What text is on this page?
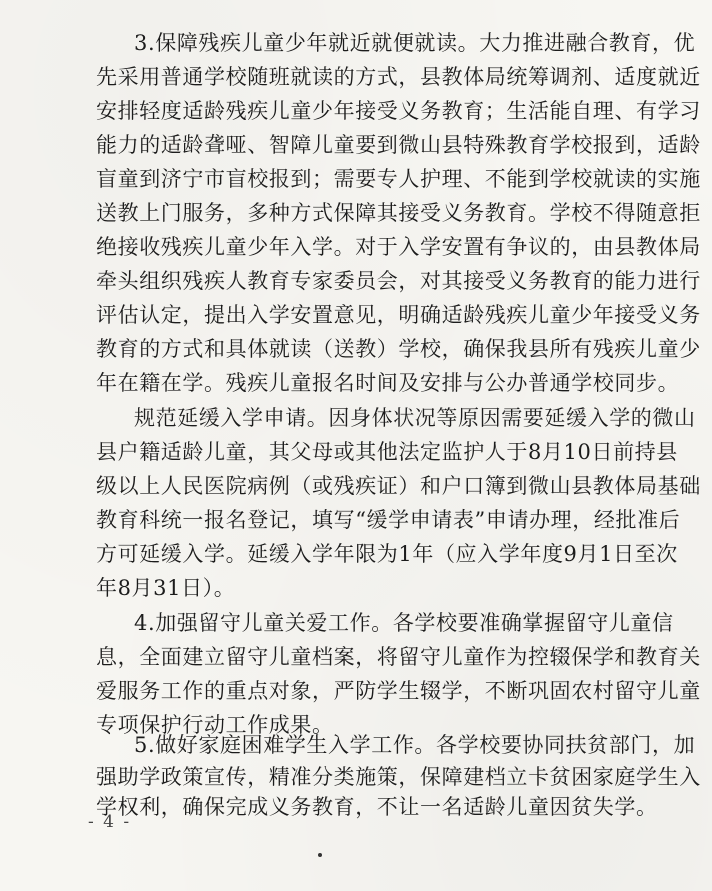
3.保障残疾儿童少年就近就便就读。大力推进融合教育，优
先采用普通学校随班就读的方式，县教体局统筹调剂、适度就近
安排轻度适龄残疾儿童少年接受义务教育；生活能自理、有学习
能力的适龄聋哑、智障儿童要到微山县特殊教育学校报到，适龄
盲童到济宁市盲校报到；需要专人护理、不能到学校就读的实施
送教上门服务，多种方式保障其接受义务教育。学校不得随意拒
绝接收残疾儿童少年入学。对于入学安置有争议的，由县教体局
牵头组织残疾人教育专家委员会，对其接受义务教育的能力进行
评估认定，提出入学安置意见，明确适龄残疾儿童少年接受义务
教育的方式和具体就读（送教）学校，确保我县所有残疾儿童少
年在籍在学。残疾儿童报名时间及安排与公办普通学校同步。
规范延缓入学申请。因身体状况等原因需要延缓入学的微山
县户籍适龄儿童，其父母或其他法定监护人于8月10日前持县
级以上人民医院病例（或残疾证）和户口簿到微山县教体局基础
教育科统一报名登记，填写“缓学申请表”申请办理，经批准后
方可延缓入学。延缓入学年限为1年（应入学年度9月1日至次
年8月31日）。
4.加强留守儿童关爱工作。各学校要准确掌握留守儿童信
息，全面建立留守儿童档案，将留守儿童作为控辍保学和教育关
爱服务工作的重点对象，严防学生辍学，不断巩固农村留守儿童
专项保护行动工作成果。
5.做好家庭困难学生入学工作。各学校要协同扶贫部门，加
强助学政策宣传，精准分类施策，保障建档立卡贫困家庭学生入
学权利，确保完成义务教育，不让一名适龄儿童因贫失学。
- 4 -
